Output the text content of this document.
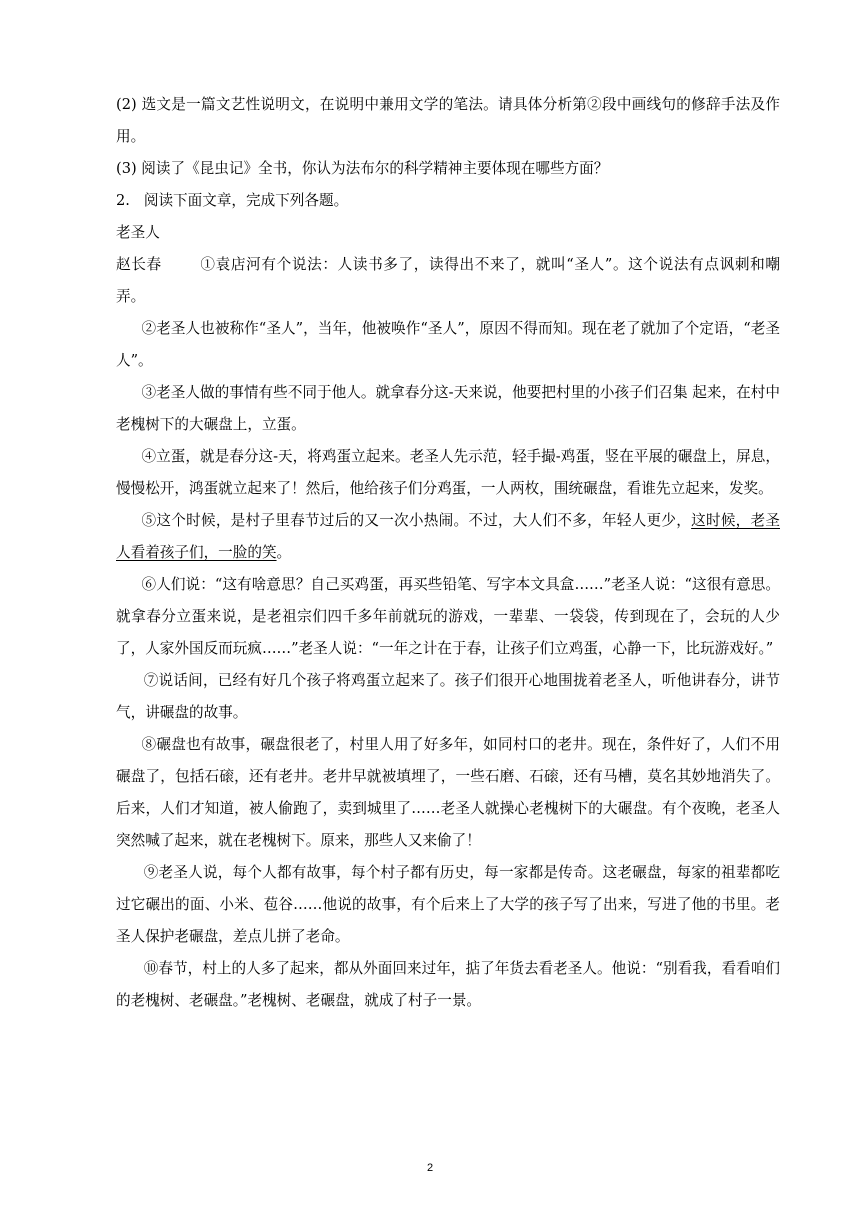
(2) 选文是一篇文艺性说明文，在说明中兼用文学的笔法。请具体分析第②段中画线句的修辞手法及作用。

(3) 阅读了《昆虫记》全书，你认为法布尔的科学精神主要体现在哪些方面？

2. 阅读下面文章，完成下列各题。

老圣人

赵长春	①袁店河有个说法：人读书多了，读得出不来了，就叫“圣人”。这个说法有点讽刺和嘲弄。

②老圣人也被称作“圣人”，当年，他被唤作“圣人”，原因不得而知。现在老了就加了个定语，“老圣人”。

③老圣人做的事情有些不同于他人。就拿春分这-天来说，他要把村里的小孩子们召集 起来，在村中老槐树下的大碾盘上，立蛋。

④立蛋，就是春分这-天，将鸡蛋立起来。老圣人先示范，轻手撮-鸡蛋，竖在平展的碾盘上，屏息，慢慢松开，鸿蛋就立起来了！然后，他给孩子们分鸡蛋，一人两枚，围统碾盘，看谁先立起来，发奖。

⑤这个时候，是村子里春节过后的又一次小热闹。不过，大人们不多，年轻人更少，这时候，老圣人看着孩子们，一脸的笑。

⑥人们说：“这有啥意思？自己买鸡蛋，再买些铅笔、写字本文具盒……”老圣人说：“这很有意思。就拿春分立蛋来说，是老祖宗们四千多年前就玩的游戏，一辈辈、一袋袋，传到现在了，会玩的人少了，人家外国反而玩疯……”老圣人说：“一年之计在于春，让孩子们立鸡蛋，心静一下，比玩游戏好。”

⑦说话间，已经有好几个孩子将鸡蛋立起来了。孩子们很开心地围拢着老圣人，听他讲春分，讲节气，讲碾盘的故事。

⑧碾盘也有故事，碾盘很老了，村里人用了好多年，如同村口的老井。现在，条件好了，人们不用碾盘了，包括石磙，还有老井。老井早就被填埋了，一些石磨、石磙，还有马槽，莫名其妙地消失了。后来，人们才知道，被人偷跑了，卖到城里了……老圣人就操心老槐树下的大碾盘。有个夜晚，老圣人突然喊了起来，就在老槐树下。原来，那些人又来偷了！

⑨老圣人说，每个人都有故事，每个村子都有历史，每一家都是传奇。这老碾盘，每家的祖辈都吃过它碾出的面、小米、苞谷……他说的故事，有个后来上了大学的孩子写了出来，写进了他的书里。老圣人保护老碾盘，差点儿拼了老命。

⑩春节，村上的人多了起来，都从外面回来过年，掂了年货去看老圣人。他说：“别看我，看看咱们的老槐树、老碾盘。”老槐树、老碾盘，就成了村子一景。

2
